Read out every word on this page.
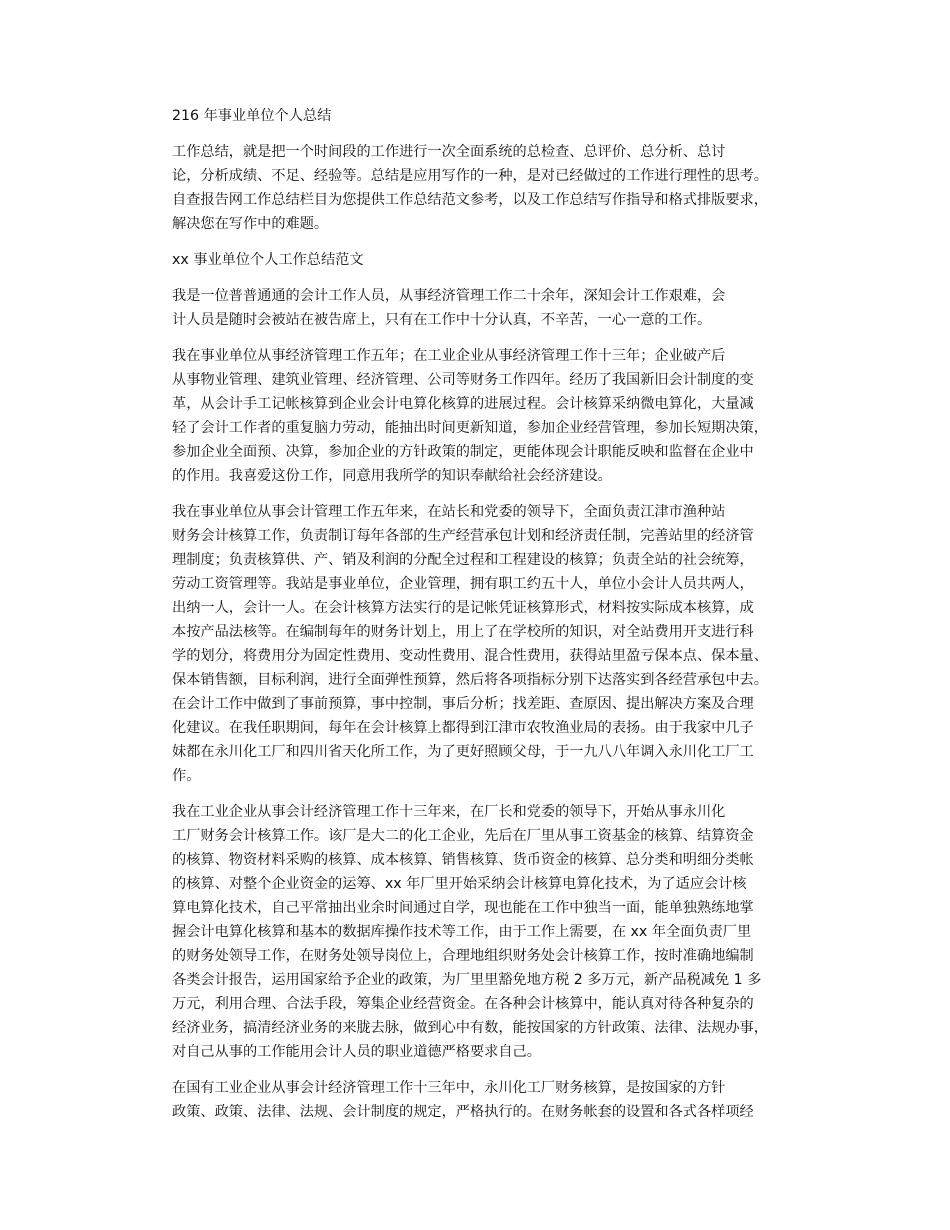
216 年事业单位个人总结

工作总结，就是把一个时间段的工作进行一次全面系统的总检查、总评价、总分析、总讨
论，分析成绩、不足、经验等。总结是应用写作的一种，是对已经做过的工作进行理性的思考。
自查报告网工作总结栏目为您提供工作总结范文参考，以及工作总结写作指导和格式排版要求，
解决您在写作中的难题。

xx 事业单位个人工作总结范文

我是一位普普通通的会计工作人员，从事经济管理工作二十余年，深知会计工作艰难，会
计人员是随时会被站在被告席上，只有在工作中十分认真，不辛苦，一心一意的工作。

我在事业单位从事经济管理工作五年；在工业企业从事经济管理工作十三年；企业破产后
从事物业管理、建筑业管理、经济管理、公司等财务工作四年。经历了我国新旧会计制度的变
革，从会计手工记帐核算到企业会计电算化核算的进展过程。会计核算采纳微电算化，大量减
轻了会计工作者的重复脑力劳动，能抽出时间更新知道，参加企业经营管理，参加长短期决策，
参加企业全面预、决算，参加企业的方针政策的制定，更能体现会计职能反映和监督在企业中
的作用。我喜爱这份工作，同意用我所学的知识奉献给社会经济建设。

我在事业单位从事会计管理工作五年来，在站长和党委的领导下，全面负责江津市渔种站
财务会计核算工作，负责制订每年各部的生产经营承包计划和经济责任制，完善站里的经济管
理制度；负责核算供、产、销及利润的分配全过程和工程建设的核算；负责全站的社会统筹，
劳动工资管理等。我站是事业单位，企业管理，拥有职工约五十人，单位小会计人员共两人，
出纳一人，会计一人。在会计核算方法实行的是记帐凭证核算形式，材料按实际成本核算，成
本按产品法核等。在编制每年的财务计划上，用上了在学校所的知识，对全站费用开支进行科
学的划分，将费用分为固定性费用、变动性费用、混合性费用，获得站里盈亏保本点、保本量、
保本销售额，目标利润，进行全面弹性预算，然后将各项指标分别下达落实到各经营承包中去。
在会计工作中做到了事前预算，事中控制，事后分析；找差距、查原因、提出解决方案及合理
化建议。在我任职期间，每年在会计核算上都得到江津市农牧渔业局的表扬。由于我家中几子
妹都在永川化工厂和四川省天化所工作，为了更好照顾父母，于一九八八年调入永川化工厂工
作。

我在工业企业从事会计经济管理工作十三年来，在厂长和党委的领导下，开始从事永川化
工厂财务会计核算工作。该厂是大二的化工企业，先后在厂里从事工资基金的核算、结算资金
的核算、物资材料采购的核算、成本核算、销售核算、货币资金的核算、总分类和明细分类帐
的核算、对整个企业资金的运筹、xx 年厂里开始采纳会计核算电算化技术，为了适应会计核
算电算化技术，自己平常抽出业余时间通过自学，现也能在工作中独当一面，能单独熟练地掌
握会计电算化核算和基本的数据库操作技术等工作，由于工作上需要，在 xx 年全面负责厂里
的财务处领导工作，在财务处领导岗位上，合理地组织财务处会计核算工作，按时准确地编制
各类会计报告，运用国家给予企业的政策，为厂里里豁免地方税 2 多万元，新产品税减免 1 多
万元，利用合理、合法手段，筹集企业经营资金。在各种会计核算中，能认真对待各种复杂的
经济业务，搞清经济业务的来胧去脉，做到心中有数，能按国家的方针政策、法律、法规办事，
对自己从事的工作能用会计人员的职业道德严格要求自己。

在国有工业企业从事会计经济管理工作十三年中，永川化工厂财务核算，是按国家的方针
政策、政策、法律、法规、会计制度的规定，严格执行的。在财务帐套的设置和各式各样项经
